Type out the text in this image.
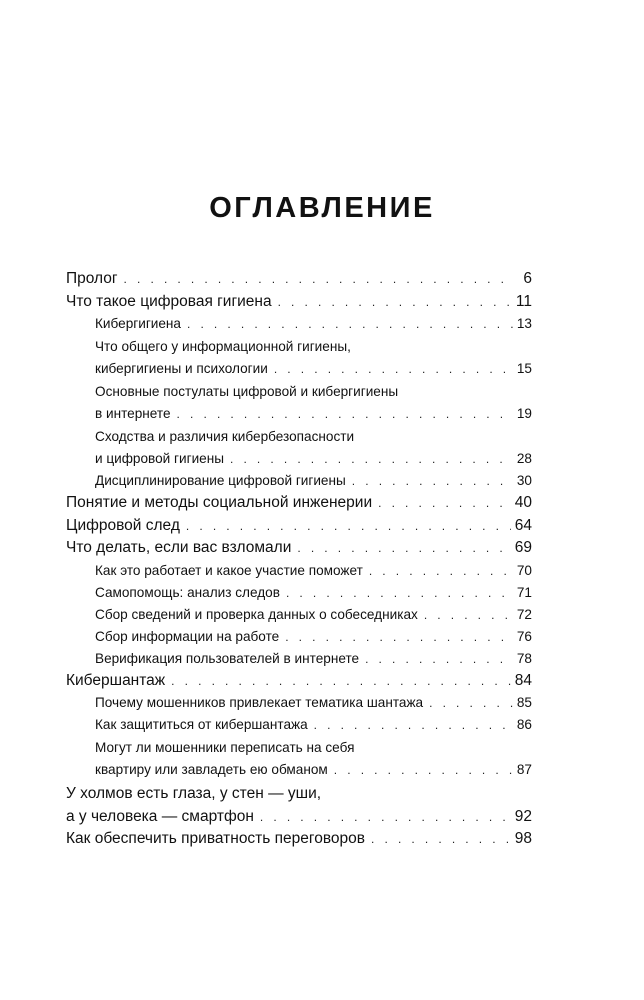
ОГЛАВЛЕНИЕ
Пролог . . .	6
Что такое цифровая гигиена . . .	11
Кибергигиена . . .	13
Что общего у информационной гигиены,
кибергигиены и психологии . . .	15
Основные постулаты цифровой и кибергигиены
в интернете . . .	19
Сходства и различия кибербезопасности
и цифровой гигиены . . .	28
Дисциплинирование цифровой гигиены . . .	30
Понятие и методы социальной инженерии . . .	40
Цифровой след . . .	64
Что делать, если вас взломали . . .	69
Как это работает и какое участие поможет . . .	70
Самопомощь: анализ следов . . .	71
Сбор сведений и проверка данных о собеседниках . . .	72
Сбор информации на работе . . .	76
Верификация пользователей в интернете . . .	78
Кибершантаж . . .	84
Почему мошенников привлекает тематика шантажа . . .	85
Как защититься от кибершантажа . . .	86
Могут ли мошенники переписать на себя
квартиру или завладеть ею обманом . . .	87
У холмов есть глаза, у стен — уши,
а у человека — смартфон . . .	92
Как обеспечить приватность переговоров . . .	98
